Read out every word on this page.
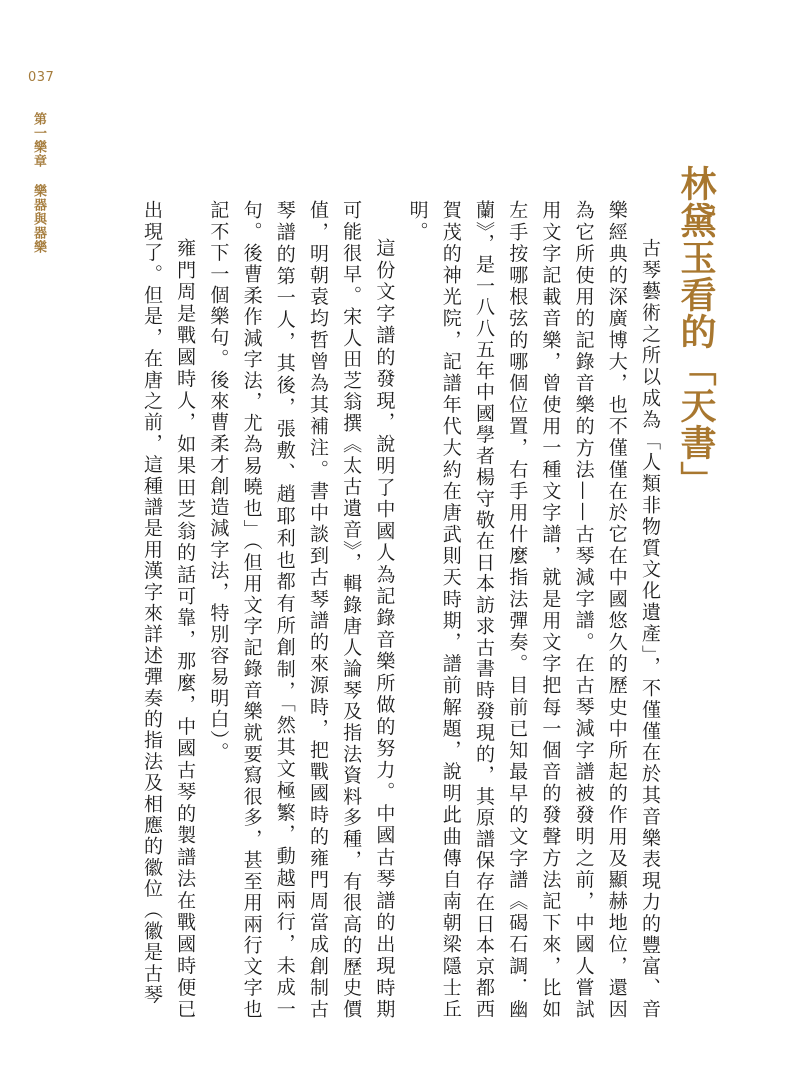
037
第一樂章樂器與器樂	林黛玉看的「天書」

古琴藝術之所以成為「人類非物質文化遺產」，不僅僅在於其音樂表現力的豐富、音樂經典的深廣博大，也不僅僅在於它在中國悠久的歷史中所起的作用及顯赫地位，還因為它所使用的記錄音樂的方法——古琴減字譜。在古琴減字譜被發明之前，中國人嘗試用文字記載音樂，曾使用一種文字譜，就是用文字把每一個音的發聲方法記下來，比如左手按哪根弦的哪個位置，右手用什麼指法彈奏。目前已知最早的文字譜《碣石調．幽蘭》，是一八八五年中國學者楊守敬在日本訪求古書時發現的，其原譜保存在日本京都西賀茂的神光院，記譜年代大約在唐武則天時期，譜前解題，說明此曲傳自南朝梁隱士丘明。

這份文字譜的發現，說明了中國人為記錄音樂所做的努力。中國古琴譜的出現時期可能很早。宋人田芝翁撰《太古遺音》，輯錄唐人論琴及指法資料多種，有很高的歷史價值，明朝袁均哲曾為其補注。書中談到古琴譜的來源時，把戰國時的雍門周當成創制古琴譜的第一人，其後，張敷、趙耶利也都有所創制，「然其文極繁，動越兩行，未成一句。後曹柔作減字法，尤為易曉也」（但用文字記錄音樂就要寫很多，甚至用兩行文字也記不下一個樂句。後來曹柔才創造減字法，特別容易明白）。

雍門周是戰國時人，如果田芝翁的話可靠，那麼，中國古琴的製譜法在戰國時便已出現了。但是，在唐之前，這種譜是用漢字來詳述彈奏的指法及相應的徽位（徽是古琴
